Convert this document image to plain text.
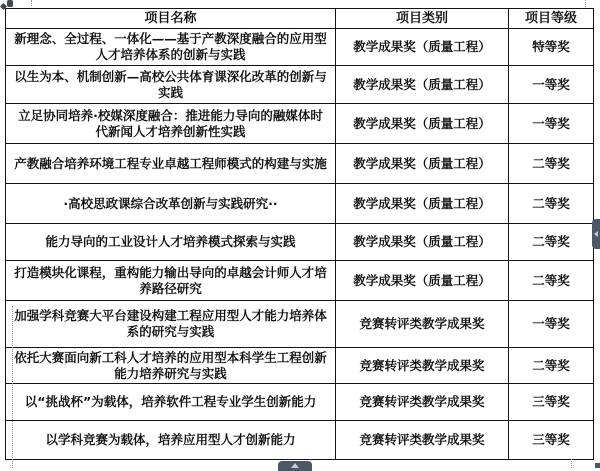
项目名称	项目类别	项目等级
新理念、全过程、一体化——基于产教深度融合的应用型人才培养体系的创新与实践	教学成果奖（质量工程）	特等奖
以生为本、机制创新—高校公共体育课深化改革的创新与实践	教学成果奖（质量工程）	一等奖
立足协同培养·校媒深度融合：推进能力导向的融媒体时代新闻人才培养创新性实践	教学成果奖（质量工程）	一等奖
产教融合培养环境工程专业卓越工程师模式的构建与实施	教学成果奖（质量工程）	二等奖
·高校思政课综合改革创新与实践研究··	教学成果奖（质量工程）	二等奖
能力导向的工业设计人才培养模式探索与实践	教学成果奖（质量工程）	二等奖
打造模块化课程，重构能力输出导向的卓越会计师人才培养路径研究	教学成果奖（质量工程）	二等奖
加强学科竞赛大平台建设构建工程应用型人才能力培养体系的研究与实践	竞赛转评类教学成果奖	一等奖
依托大赛面向新工科人才培养的应用型本科学生工程创新能力培养研究与实践	竞赛转评类教学成果奖	二等奖
以“挑战杯”为载体，培养软件工程专业学生创新能力	竞赛转评类教学成果奖	三等奖
以学科竞赛为载体，培养应用型人才创新能力	竞赛转评类教学成果奖	三等奖
